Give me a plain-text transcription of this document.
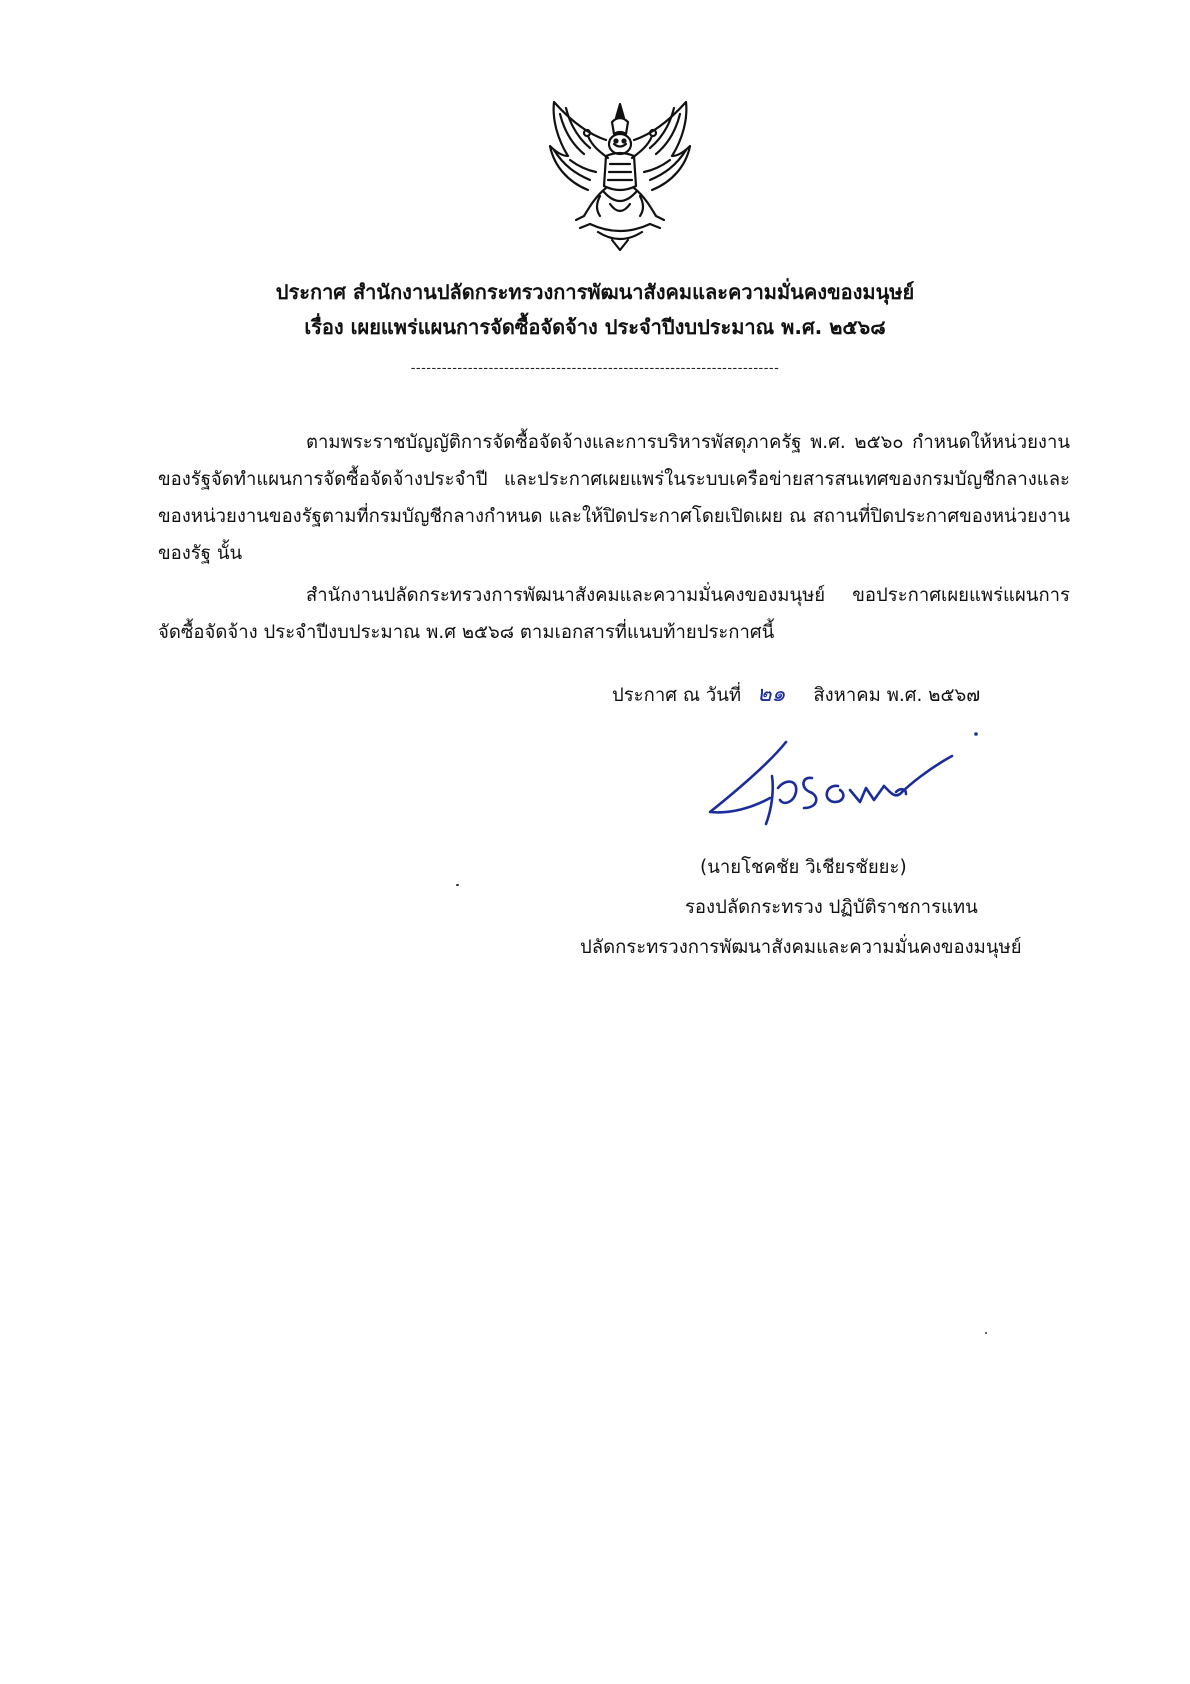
ประกาศ สำนักงานปลัดกระทรวงการพัฒนาสังคมและความมั่นคงของมนุษย์
เรื่อง เผยแพร่แผนการจัดซื้อจัดจ้าง ประจำปีงบประมาณ พ.ศ. ๒๕๖๘
-----------------------------------------------------------------------
ตามพระราชบัญญัติการจัดซื้อจัดจ้างและการบริหารพัสดุภาครัฐ พ.ศ. ๒๕๖๐ กำหนดให้หน่วยงานของรัฐจัดทำแผนการจัดซื้อจัดจ้างประจำปี และประกาศเผยแพร่ในระบบเครือข่ายสารสนเทศของกรมบัญชีกลางและของหน่วยงานของรัฐตามที่กรมบัญชีกลางกำหนด และให้ปิดประกาศโดยเปิดเผย ณ สถานที่ปิดประกาศของหน่วยงานของรัฐ นั้น
สำนักงานปลัดกระทรวงการพัฒนาสังคมและความมั่นคงของมนุษย์ ขอประกาศเผยแพร่แผนการจัดซื้อจัดจ้าง ประจำปีงบประมาณ พ.ศ ๒๕๖๘ ตามเอกสารที่แนบท้ายประกาศนี้
ประกาศ ณ วันที่ ๒๑ สิงหาคม พ.ศ. ๒๕๖๗
(นายโชคชัย วิเชียรชัยยะ)
รองปลัดกระทรวง ปฏิบัติราชการแทน
ปลัดกระทรวงการพัฒนาสังคมและความมั่นคงของมนุษย์
